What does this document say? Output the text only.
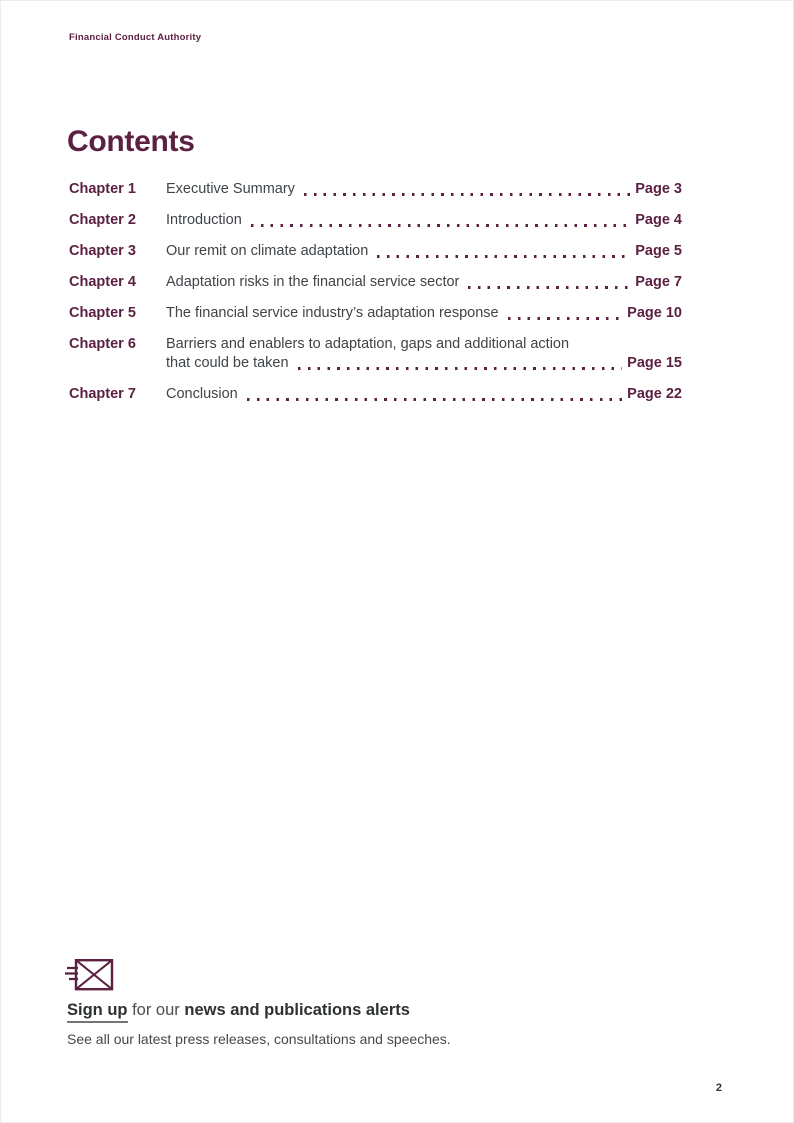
Financial Conduct Authority
Contents
Chapter 1	Executive Summary	Page 3
Chapter 2	Introduction	Page 4
Chapter 3	Our remit on climate adaptation	Page 5
Chapter 4	Adaptation risks in the financial service sector	Page 7
Chapter 5	The financial service industry’s adaptation response	Page 10
Chapter 6	Barriers and enablers to adaptation, gaps and additional action
that could be taken	Page 15
Chapter 7	Conclusion	Page 22
Sign up for our news and publications alerts
See all our latest press releases, consultations and speeches.
2
